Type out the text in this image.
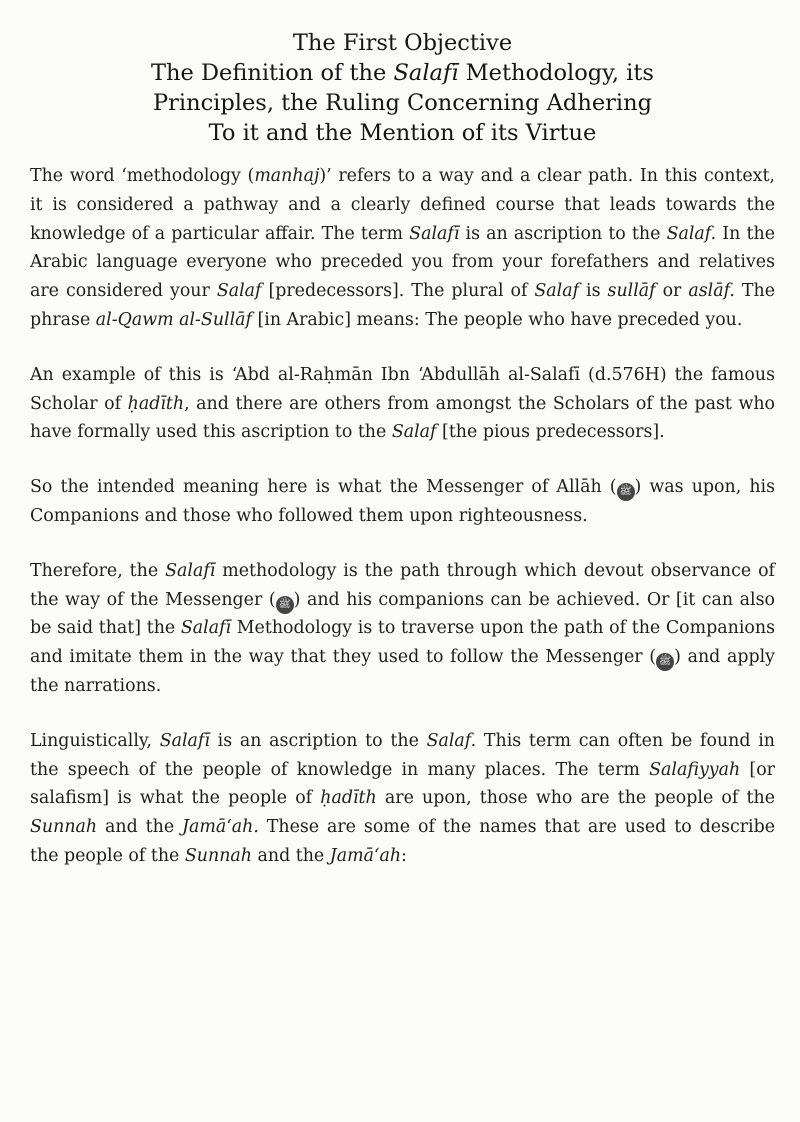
The First Objective
The Definition of the Salafī Methodology, its
Principles, the Ruling Concerning Adhering
To it and the Mention of its Virtue

The word ‘methodology (manhaj)’ refers to a way and a clear path. In this context, it is considered a pathway and a clearly defined course that leads towards the knowledge of a particular affair. The term Salafī is an ascription to the Salaf. In the Arabic language everyone who preceded you from your forefathers and relatives are considered your Salaf [predecessors]. The plural of Salaf is sullāf or aslāf. The phrase al-Qawm al-Sullāf [in Arabic] means: The people who have preceded you.

An example of this is ‘Abd al-Raḥmān Ibn ‘Abdullāh al-Salafī (d.576H) the famous Scholar of ḥadīth, and there are others from amongst the Scholars of the past who have formally used this ascription to the Salaf [the pious predecessors].

So the intended meaning here is what the Messenger of Allāh ( ﷺ ) was upon, his Companions and those who followed them upon righteousness.

Therefore, the Salafī methodology is the path through which devout observance of the way of the Messenger ( ﷺ ) and his companions can be achieved. Or [it can also be said that] the Salafī Methodology is to traverse upon the path of the Companions and imitate them in the way that they used to follow the Messenger ( ﷺ ) and apply the narrations.

Linguistically, Salafī is an ascription to the Salaf. This term can often be found in the speech of the people of knowledge in many places. The term Salafiyyah [or salafism] is what the people of ḥadīth are upon, those who are the people of the Sunnah and the Jamā‘ah. These are some of the names that are used to describe the people of the Sunnah and the Jamā‘ah:
